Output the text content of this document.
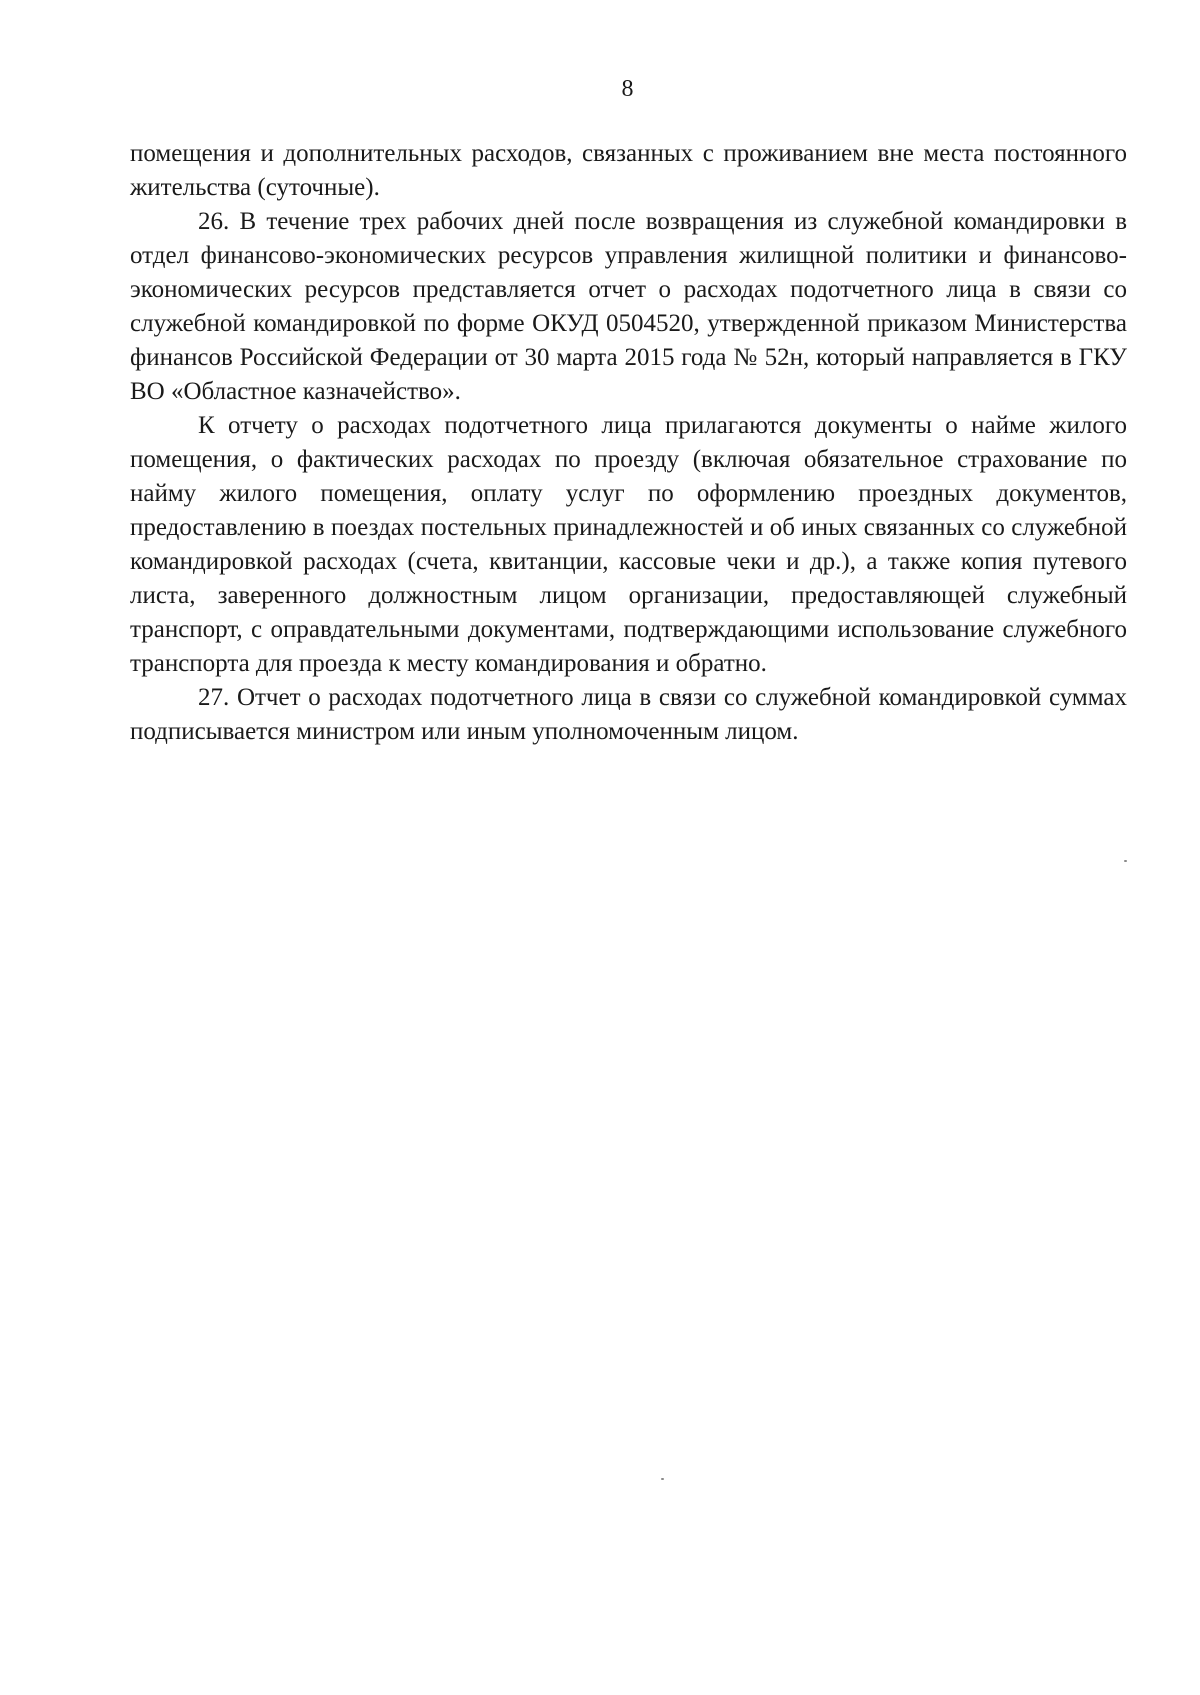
8

помещения и дополнительных расходов, связанных с проживанием вне места постоянного жительства (суточные).

26. В течение трех рабочих дней после возвращения из служебной командировки в отдел финансово-экономических ресурсов управления жилищной политики и финансово-экономических ресурсов представляется отчет о расходах подотчетного лица в связи со служебной командировкой по форме ОКУД 0504520, утвержденной приказом Министерства финансов Российской Федерации от 30 марта 2015 года № 52н, который направляется в ГКУ ВО «Областное казначейство».

К отчету о расходах подотчетного лица прилагаются документы о найме жилого помещения, о фактических расходах по проезду (включая обязательное страхование по найму жилого помещения, оплату услуг по оформлению проездных документов, предоставлению в поездах постельных принадлежностей и об иных связанных со служебной командировкой расходах (счета, квитанции, кассовые чеки и др.), а также копия путевого листа, заверенного должностным лицом организации, предоставляющей служебный транспорт, с оправдательными документами, подтверждающими использование служебного транспорта для проезда к месту командирования и обратно.

27. Отчет о расходах подотчетного лица в связи со служебной командировкой суммах подписывается министром или иным уполномоченным лицом.
